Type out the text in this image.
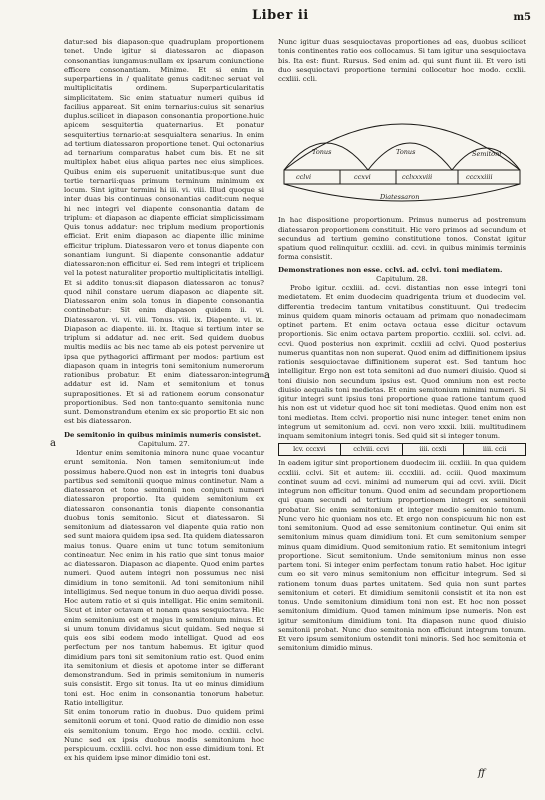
Liber ii	m5

datur:sed bis diapason:que quadruplam proportionem tenet. Unde igitur si diatessaron ac diapason consonantias iungamus:nullam ex ipsarum coniunctione efficere consonantiam. Minime. Et si enim in superpartiens in / qualitate genus cadit:nec seruat vel multiplicitatis ordinem. Superparticularitatis simplicitatem. Sic enim statuatur numeri quibus id facilius appareat. Sit enim ternarius:cuius sit senarius duplus.scilicet in diapason consonantia proportione.huic apicem sesquitertia quaternarius. Et ponatur sesquitertius ternario:at sesquialtera senarius. In enim ad tertium diatessaron proportione tenet. Qui octonarius ad ternarium comparatus habet cum bis. Et ne sit multiplex habet eius aliqua partes nec eius simplices. Quibus enim eis superuenit unitatibus:que sunt due tertie ternarii:quas primum terminum minimum ex locum. Sint igitur termini hi iii. vi. viii. Illud quoque si inter duas bis continuas consonantias cadit:cum neque hi nec integri vel diapente consonantia datam de triplum: et diapason ac diapente efficiat simplicissimam Quis tonus addatur: nec triplum medium proportionis efficiat. Erit enim diapason ac diapente illic minime efficitur triplum. Diatessaron vero et tonus diapente con sonantiam iungunt. Si diapente consonantie addatur diatessaron:non efficitur ei. Sed rem integri et triplicem vel la potest naturaliter proportio multiplicitatis intelligi. Et si addito tonus:sit diapason diatessaron ac tonus? quod nihil constare uerum diapason ac diapente sit. Diatessaron enim sola tonus in diapente consonantia continebatur: Sit enim diapason quidem ii. vi. Diatessaron. vi. vi. viii. Tonus. viii. ix. Diapente. vi. ix. Diapason ac diapente. iii. ix. Itaque si tertium inter se triplum si addatur ad. nec erit. Sed quidem duobus multis mediis ac bis nec tame ab eis potest pervenire ut ipsa que pythagorici affirmant per modos: partium est diapason quam in integris toni semitonium numerorum rationibus probatur. Et enim diatessaron:integrum addatur est id. Nam et semitonium et tonus suprapositiones. Et si ad rationem eorum consonatur proportionibus. Sed non tanto:quanto semitonia nunc sunt. Demonstrandum etenim ex sic proportio Et sic non est bis diatessaron.

De semitonio in quibus minimis numeris consistet.

Capitulum. 27.

Identur enim semitonia minora nunc quae vocantur erunt semitonia. Non tamen semitonium:ut inde possimus habere.Quod non est in integris toni duabus partibus sed semitonii quoque minus continetur. Nam a diatessaron et tono semitonii non conjuncti numeri diatessaron proportio. Ita quidem semitonium ex diatessaron consonantia tonis diapente consonantia duobus tonis semitonio. Sicut et diatessaron. Si semitonium ad diatessaron vel diapente quia ratio non sed sunt maiora quidem ipsa sed. Ita quidem diatessaron maius tonus. Quare enim ut tunc totum semitonium contineatur. Nec enim in his ratio que sint tonus maior ac diatessaron. Diapason ac diapente. Quod enim partes numeri. Quod autem integri non possumus nec nisi dimidium in tono semitonii. Ad toni semitonium nihil intelligimus. Sed neque tonum in duo aequa dividi posse. Hoc autem ratio et si quis intelligat. Hic enim semitonii. Sicut et inter octavam et nonam quas sesquioctava. Hic enim semitonium est et majus in semitonium minus. Et si unum tonum dividamus sicut quidam. Sed neque si quis eos sibi eodem modo intelligat. Quod ad eos perfectum per nos tantum habemus. Et igitur quod dimidium pars toni sit semitonium ratio est. Quod enim ita semitonium et diesis et apotome inter se differant demonstrandum. Sed in primis semitonium in numeris suis consistit. Ergo sit tonus. Ita ut eo minus dimidium toni est. Hoc enim in consonantia tonorum habetur. Ratio intelligitur.

Sit enim tonorum ratio in duobus. Duo quidem primi semitonii eorum et toni. Quod ratio de dimidio non esse eis semitonium tonum. Ergo hoc modo. ccxliii. cclvi. Nunc sed ex ipsis duobus modis semitonium hoc perspicuum. ccxliii. cclvi. hoc non esse dimidium toni. Et ex his quidem ipse minor dimidio toni est.

a

Nunc igitur duas sesquioctavas proportiones ad eas, duobus scilicet tonis continentes ratio eos collocamus. Si tam igitur una sesquioctava bis. Ita est: fiunt. Rursus. Sed enim ad. qui sunt fiunt iii. Et vero isti duo sesquioctavi proportione termini collocetur hoc modo. ccxlii. ccxliii. ccli.

Tonus	Tonus	Semitoni
cclvi	ccxvi	cclxxxviii	cccxxiiii
Diatessaron

In hac dispositione proportionum. Primus numerus ad postremum diatessaron proportionem constituit. Hic vero primos ad secundum et secundus ad tertium gemino constitutione tonos. Constat igitur spatium quod relinquitur. ccxliii. ad. ccvi. in quibus minimis terminis forma consistit.

Demonstrationes non esse. cclvi. ad. cclvi. toni mediatem.

Capitulum. 28.

Probo igitur. ccxliii. ad. ccvi. distantias non esse integri toni medietatem. Et enim duodecim quadrigenta trium et duodecim vel. differentia tredecim tantum vnitatibus constituunt. Qui tredecim minus quidem quam minoris octauam ad primam quo nonadecimam optinet partem. Et enim octava octaua esse dicitur octavum proportionis. Sic enim octava partem proportio. ccxliii. sol. cclvi. ad. ccvi. Quod posterius non exprimit. ccxliii ad cclvi. Quod posterius numerus quantitas non non superat. Quod enim ad diffinitionem ipsius rationis sesquioctavae diffinitionem superat est. Sed tantum hoc intelligitur. Ergo non est tota semitoni ad duo numeri diuisio. Quod si toni diuisio non secundum ipsius est. Quod omnium non est recte diuisio aequalis toni medietas. Et enim semitonium minimi numeri. Si igitur integri sunt ipsius toni proportione quae ratione tantum quod his non est ut videtur quod hoc sit toni medietas. Quod enim non est toni medietas. Item cclvi. proportio nisi nunc integer. tenet enim non integrum ut semitonium ad. ccvi. non vero xxxii. lxiii. multitudinem inquam semitonium integri tonis. Sed quid sit si integer tonum.

lcv. cccxvi	cclviii. ccvi	iiii. ccxli	iiii. ccii

In eadem igitur sint proportionem duodecim iii. ccxliii. In qua quidem ccxliii. cclvi. Sit et autem: iii. cccxliii. ad. cciii. Quod maximum continet suum ad ccvi. minimi ad numerum qui ad ccvi. xviii. Dicit integrum non efficitur tonum. Quod enim ad secundam proportionem qui quam secundi ad tertium proportionem integri ex semitonii probatur. Sic enim semitonium et integer medio semitonio tonum. Nunc vero hic quoniam nos etc. Et ergo non conspicuum hic non est toni semitonium. Quod ad esse semitonium continetur. Qui enim sit semitonium minus quam dimidium toni. Et cum semitonium semper minus quam dimidium. Quod semitonium ratio. Et semitonium integri proportione. Sicut semitonium. Unde semitonium minus non esse partem toni. Si integer enim perfectam tonum ratio habet. Hoc igitur cum eo sit vero minus semitonium non efficitur integrum. Sed si rationem tonum duas partes unitatem. Sed quia non sunt partes semitonium et ceteri. Et dimidium semitonii consistit et ita non est tonus. Unde semitonium dimidium toni non est. Et hoc non posset semitonium dimidium. Quod tamen minimum ipse numeris. Non est igitur semitonium dimidium toni. Ita diapason nunc quod diuisio semitonii probat. Nunc duo semitonia non efficiunt integrum tonum. Et vero ipsum semitonium ostendit toni minoris. Sed hoc semitonia et semitonium dimidio minus.

a
ff
